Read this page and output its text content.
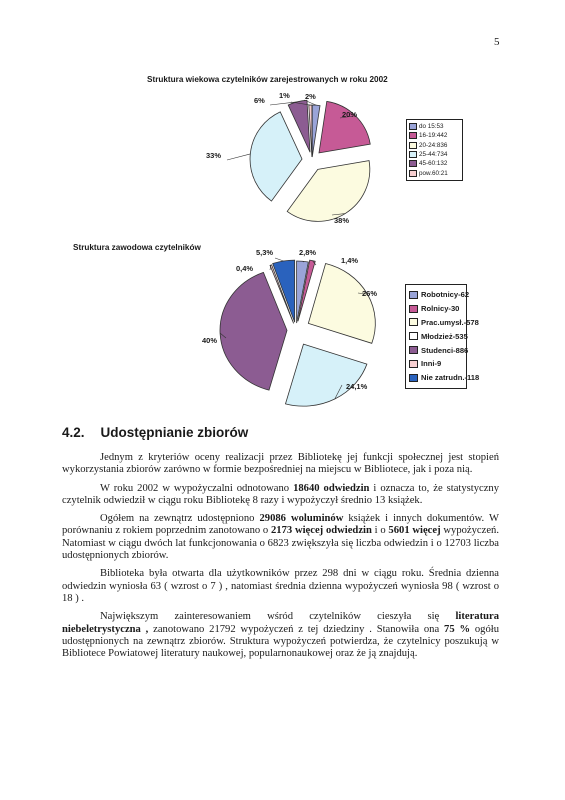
5
Struktura wiekowa czytelników zarejestrowanych w roku 2002
2%
20%
38%
33%
6%
1%
do 15:53
16-19:442
20-24:836
25-44:734
45-60:132
pow.60:21
Struktura zawodowa czytelników
2,8%
1,4%
26%
24,1%
40%
0,4%
5,3%
Robotnicy-62
Rolnicy-30
Prac.umysł.-578
Młodzież-535
Studenci-886
Inni-9
Nie zatrudn.-118
4.2. Udostępnianie zbiorów

Jednym z kryteriów oceny realizacji przez Bibliotekę jej funkcji społecznej jest stopień wykorzystania zbiorów zarówno w formie bezpośredniej na miejscu w Bibliotece, jak i poza nią.

W roku 2002 w wypożyczalni odnotowano 18640 odwiedzin i oznacza to, że statystyczny czytelnik odwiedził w ciągu roku Bibliotekę 8 razy i wypożyczył średnio 13 książek.

Ogółem na zewnątrz udostępniono 29086 woluminów książek i innych dokumentów. W porównaniu z rokiem poprzednim zanotowano o 2173 więcej odwiedzin i o 5601 więcej wypożyczeń. Natomiast w ciągu dwóch lat funkcjonowania o 6823 zwiększyła się liczba odwiedzin i o 12703 liczba udostępnionych zbiorów.

Biblioteka była otwarta dla użytkowników przez 298 dni w ciągu roku. Średnia dzienna odwiedzin wyniosła 63 ( wzrost o 7 ) , natomiast średnia dzienna wypożyczeń wyniosła 98 ( wzrost o 18 ) .

Największym zainteresowaniem wśród czytelników cieszyła się literatura niebeletrystyczna , zanotowano 21792 wypożyczeń z tej dziedziny . Stanowiła ona 75 % ogółu udostępnionych na zewnątrz zbiorów. Struktura wypożyczeń potwierdza, że czytelnicy poszukują w Bibliotece Powiatowej literatury naukowej, popularnonaukowej oraz że ją znajdują.
